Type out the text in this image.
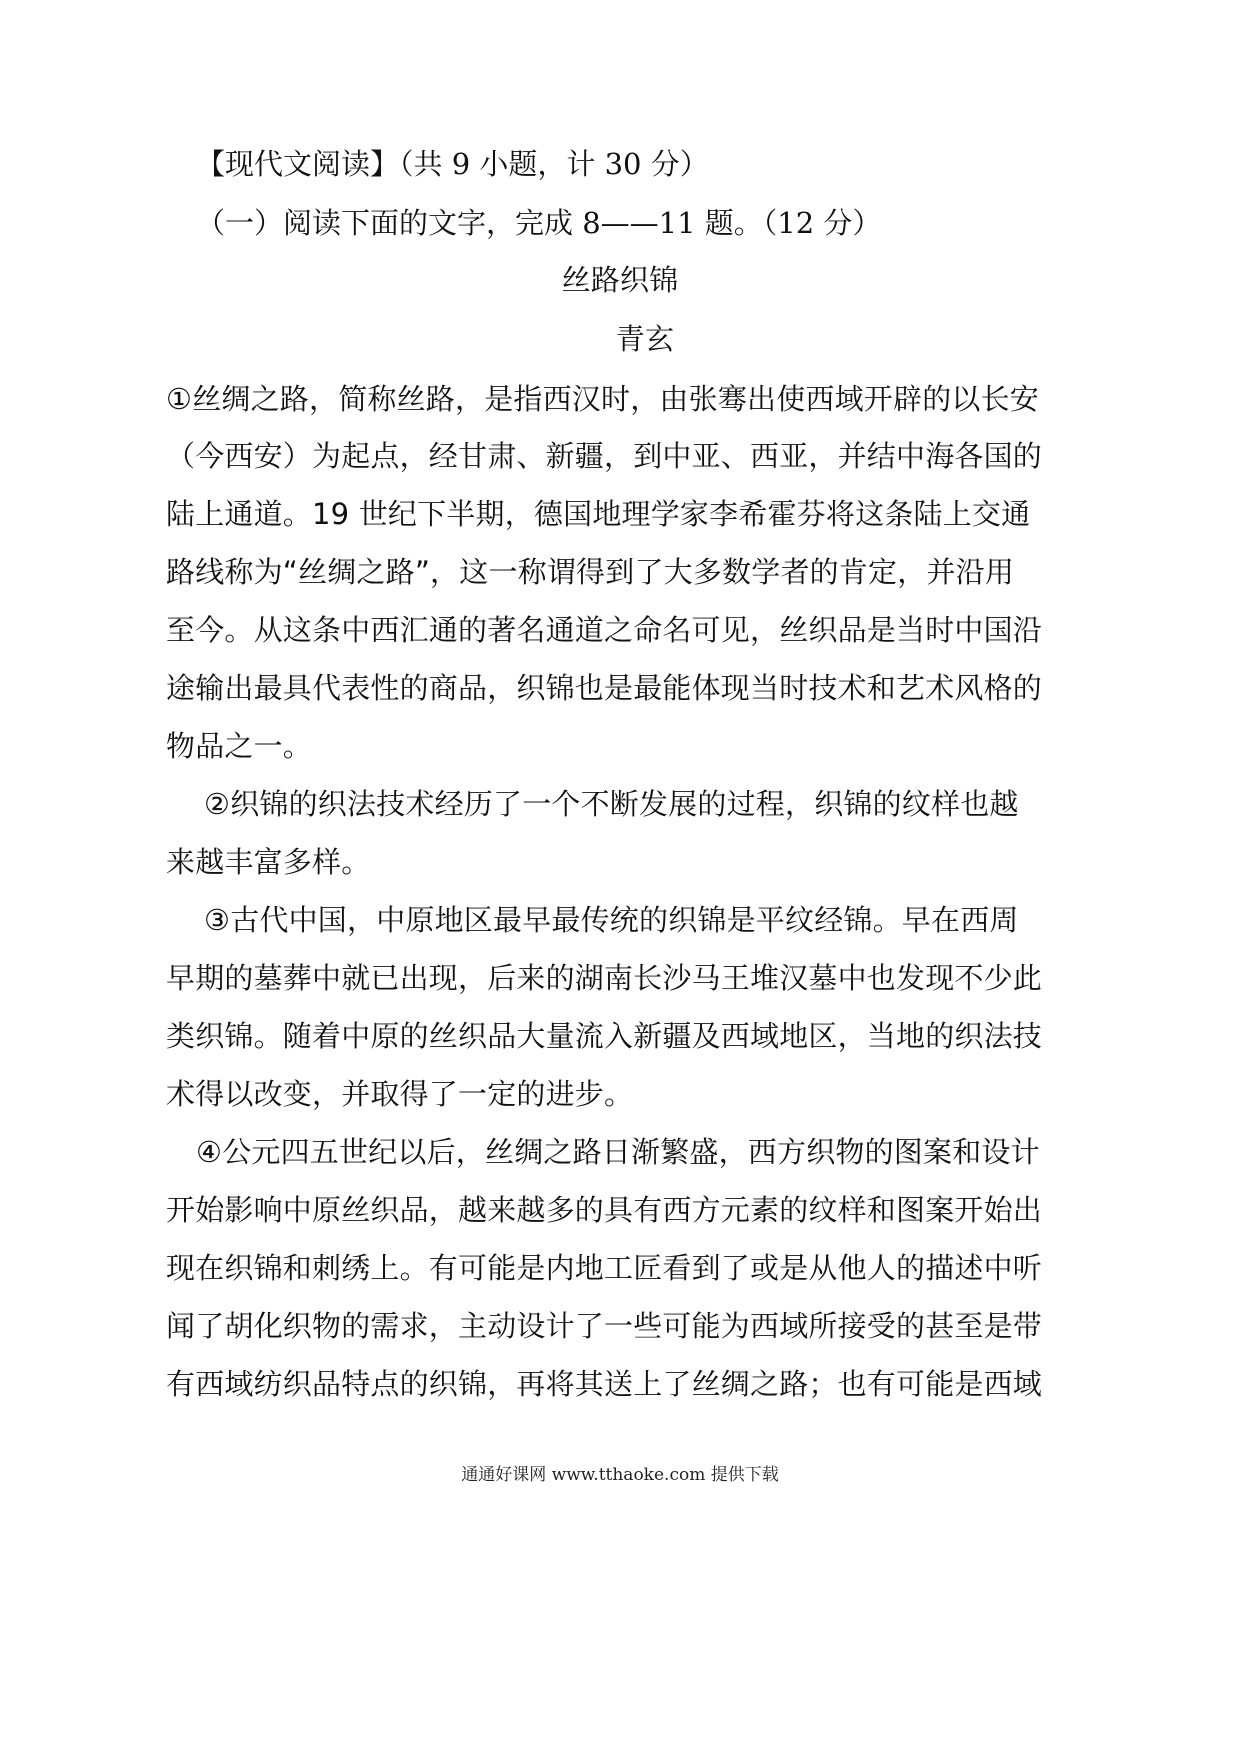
【现代文阅读】（共 9 小题，计 30 分）
（一）阅读下面的文字，完成 8——11 题。（12 分）
丝路织锦
青玄
①丝绸之路，简称丝路，是指西汉时，由张骞出使西域开辟的以长安
（今西安）为起点，经甘肃、新疆，到中亚、西亚，并结中海各国的
陆上通道。19 世纪下半期，德国地理学家李希霍芬将这条陆上交通
路线称为“丝绸之路”，这一称谓得到了大多数学者的肯定，并沿用
至今。从这条中西汇通的著名通道之命名可见，丝织品是当时中国沿
途输出最具代表性的商品，织锦也是最能体现当时技术和艺术风格的
物品之一。
②织锦的织法技术经历了一个不断发展的过程，织锦的纹样也越
来越丰富多样。
③古代中国，中原地区最早最传统的织锦是平纹经锦。早在西周
早期的墓葬中就已出现，后来的湖南长沙马王堆汉墓中也发现不少此
类织锦。随着中原的丝织品大量流入新疆及西域地区，当地的织法技
术得以改变，并取得了一定的进步。
④公元四五世纪以后，丝绸之路日渐繁盛，西方织物的图案和设计
开始影响中原丝织品，越来越多的具有西方元素的纹样和图案开始出
现在织锦和刺绣上。有可能是内地工匠看到了或是从他人的描述中听
闻了胡化织物的需求，主动设计了一些可能为西域所接受的甚至是带
有西域纺织品特点的织锦，再将其送上了丝绸之路；也有可能是西域
通通好课网 www.tthaoke.com 提供下载
